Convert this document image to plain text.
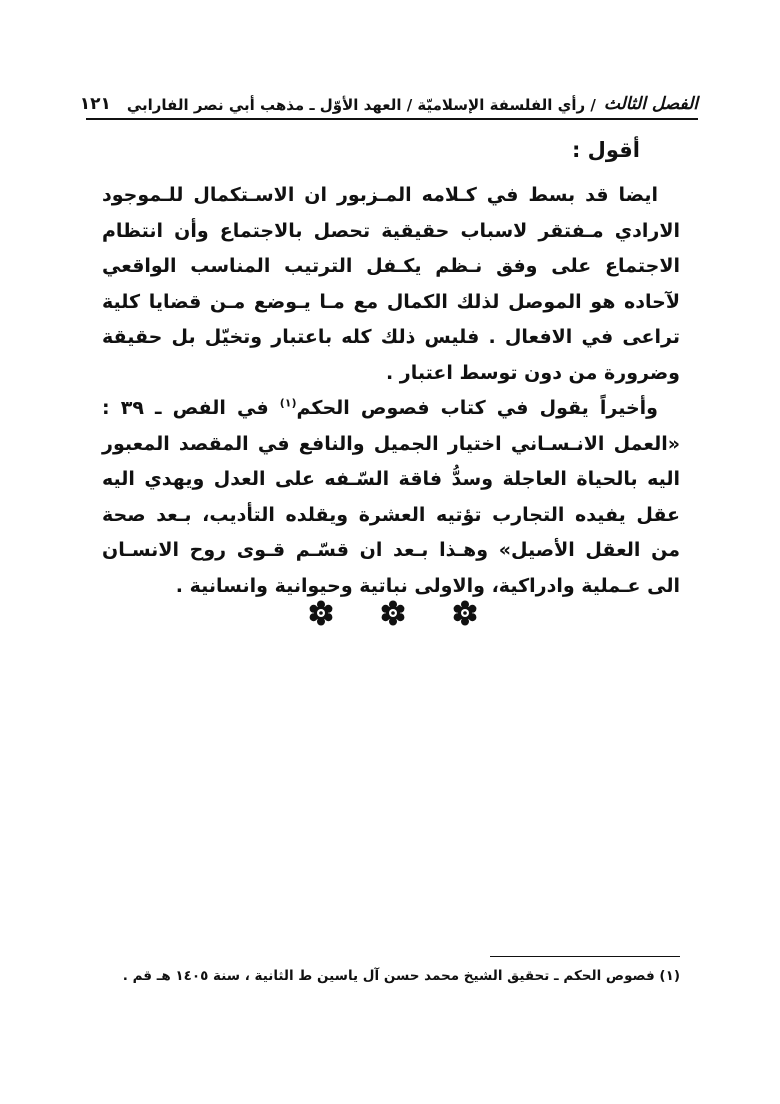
الفصل الثالث
/ رأي الفلسفة الإسلاميّة / العهد الأوّل ـ مذهب أبي نصر الفارابي
١٢١
أقول :

ايضا قد بسط في كـلامه المـزبور ان الاسـتكمال للـموجود الارادي مـفتقر لاسباب حقيقية تحصل بالاجتماع وأن انتظام الاجتماع على وفق نـظم يكـفل الترتيب المناسب الواقعي لآحاده هو الموصل لذلك الكمال مع مـا يـوضع مـن قضايا كلية تراعى في الافعال . فليس ذلك كله باعتبار وتخيّل بل حقيقة وضرورة من دون توسط اعتبار .

وأخيراً يقول في كتاب فصوص الحكم$^{(١)}$ في الفص ـ ٣٩ : «العمل الانـسـاني اختيار الجميل والنافع في المقصد المعبور اليه بالحياة العاجلة وسدُّ فاقة السّـفه على العدل ويهدي اليه عقل يفيده التجارب تؤتيه العشرة ويقلده التأديب، بـعد صحة من العقل الأصيل» وهـذا بـعد ان قسّـم قـوى روح الانسـان الى عـملية وادراكية، والاولى نباتية وحيوانية وانسانية .

(١) فصوص الحكم ـ تحقيق الشيخ محمد حسن آل ياسين ط الثانية ، سنة ١٤٠٥ هـ قم .
